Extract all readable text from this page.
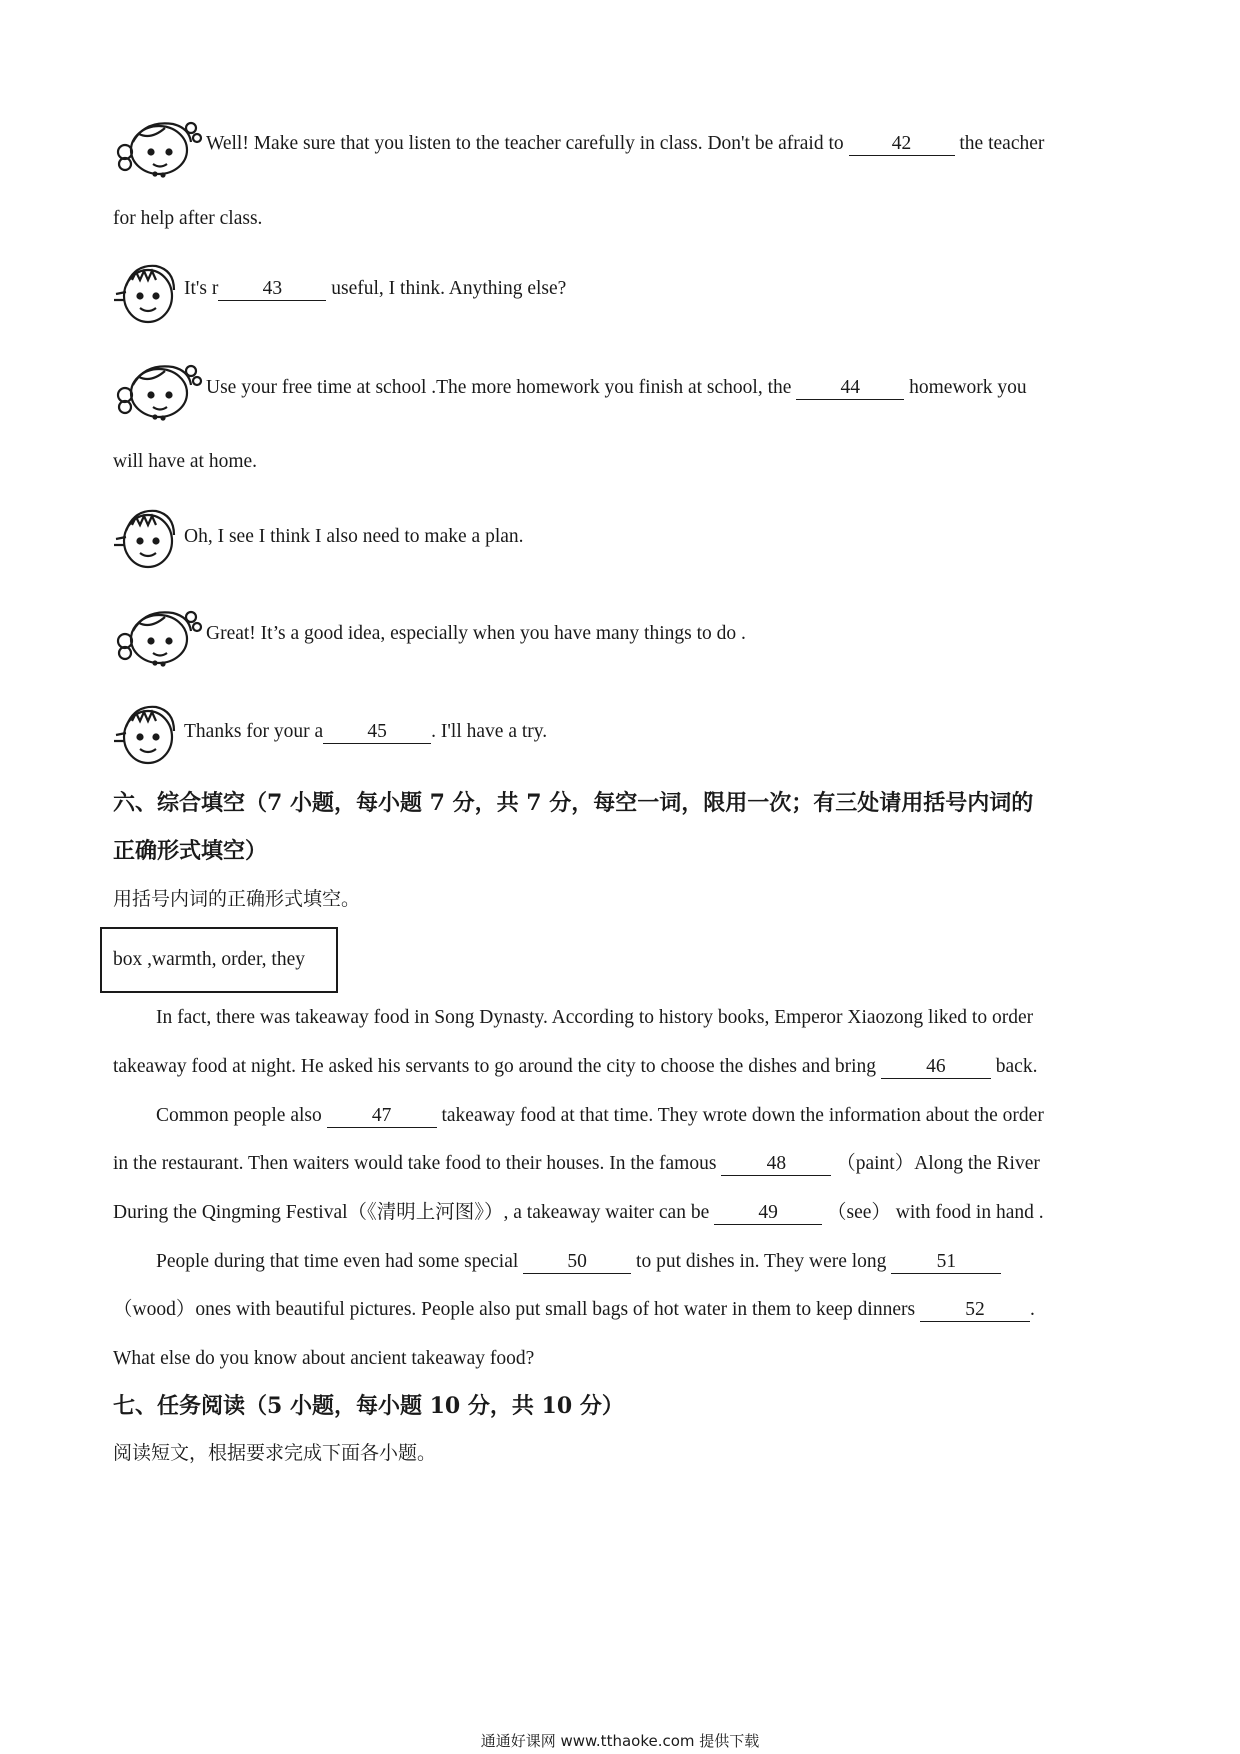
Well! Make sure that you listen to the teacher carefully in class. Don't be afraid to 42 the teacher
for help after class.
It's r 43 useful, I think. Anything else?
Use your free time at school .The more homework you finish at school, the 44 homework you
will have at home.
Oh, I see I think I also need to make a plan.
Great! It’s a good idea, especially when you have many things to do .
Thanks for your a 45 . I'll have a try.
六、综合填空（7 小题，每小题 7 分，共 7 分，每空一词，限用一次；有三处请用括号内词的
正确形式填空）
用括号内词的正确形式填空。
box ,warmth, order, they
In fact, there was takeaway food in Song Dynasty. According to history books, Emperor Xiaozong liked to order
takeaway food at night. He asked his servants to go around the city to choose the dishes and bring 46 back.
Common people also 47 takeaway food at that time. They wrote down the information about the order
in the restaurant. Then waiters would take food to their houses. In the famous 48 （paint）Along the River
During the Qingming Festival（《清明上河图》）, a takeaway waiter can be 49 （see） with food in hand .
People during that time even had some special 50 to put dishes in. They were long 51
（wood）ones with beautiful pictures. People also put small bags of hot water in them to keep dinners 52 .
What else do you know about ancient takeaway food?
七、任务阅读（5 小题，每小题 10 分，共 10 分）
阅读短文，根据要求完成下面各小题。
通通好课网 www.tthaoke.com 提供下载
